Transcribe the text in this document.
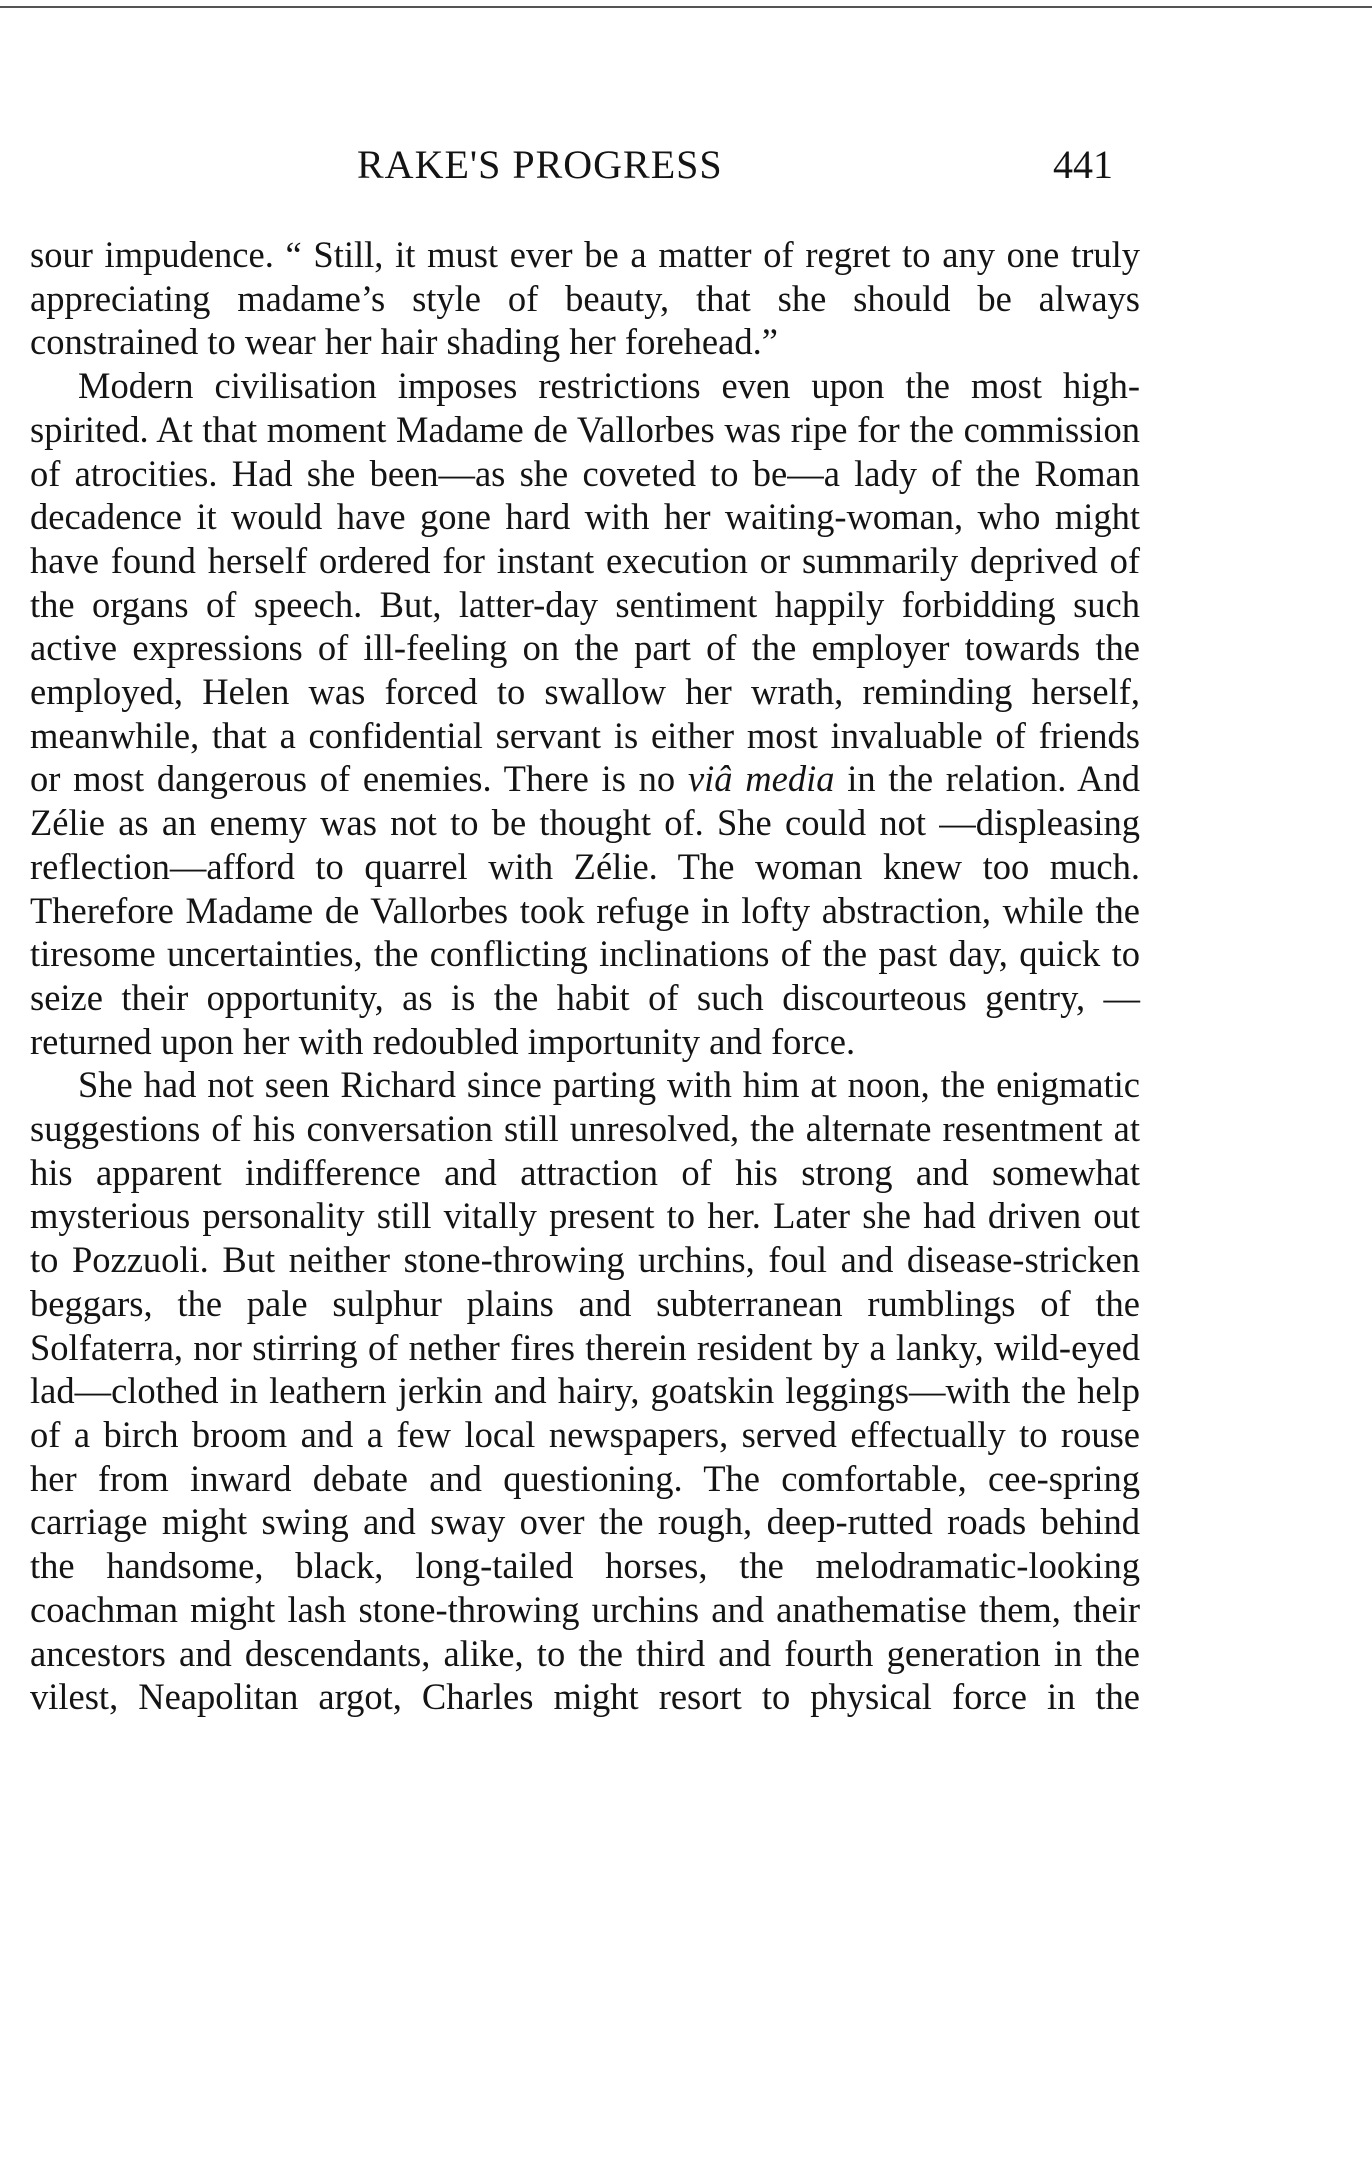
RAKE'S PROGRESS	441

sour impudence. “ Still, it must ever be a matter of regret to any one truly appreciating madame’s style of beauty, that she should be always constrained to wear her hair shading her forehead.”

Modern civilisation imposes restrictions even upon the most high-spirited. At that moment Madame de Vallorbes was ripe for the commission of atrocities. Had she been—as she coveted to be—a lady of the Roman decadence it would have gone hard with her waiting-woman, who might have found herself ordered for instant execution or summarily deprived of the organs of speech. But, latter-day sentiment happily forbidding such active expressions of ill-feeling on the part of the employer towards the employed, Helen was forced to swallow her wrath, reminding herself, meanwhile, that a confidential servant is either most invaluable of friends or most dangerous of enemies. There is no viâ media in the relation. And Zélie as an enemy was not to be thought of. She could not —displeasing reflection—afford to quarrel with Zélie. The woman knew too much. Therefore Madame de Vallorbes took refuge in lofty abstraction, while the tiresome uncertainties, the conflicting inclinations of the past day, quick to seize their opportunity, as is the habit of such discourteous gentry, —returned upon her with redoubled importunity and force.

She had not seen Richard since parting with him at noon, the enigmatic suggestions of his conversation still unresolved, the alternate resentment at his apparent indifference and attraction of his strong and somewhat mysterious personality still vitally present to her. Later she had driven out to Pozzuoli. But neither stone-throwing urchins, foul and disease-stricken beggars, the pale sulphur plains and subterranean rumblings of the Solfaterra, nor stirring of nether fires therein resident by a lanky, wild-eyed lad—clothed in leathern jerkin and hairy, goatskin leggings—with the help of a birch broom and a few local newspapers, served effectually to rouse her from inward debate and questioning. The comfortable, cee-spring carriage might swing and sway over the rough, deep-rutted roads behind the handsome, black, long-tailed horses, the melodramatic-looking coachman might lash stone-throwing urchins and anathematise them, their ancestors and descendants, alike, to the third and fourth generation in the vilest, Neapolitan argot, Charles might resort to physical force in the
